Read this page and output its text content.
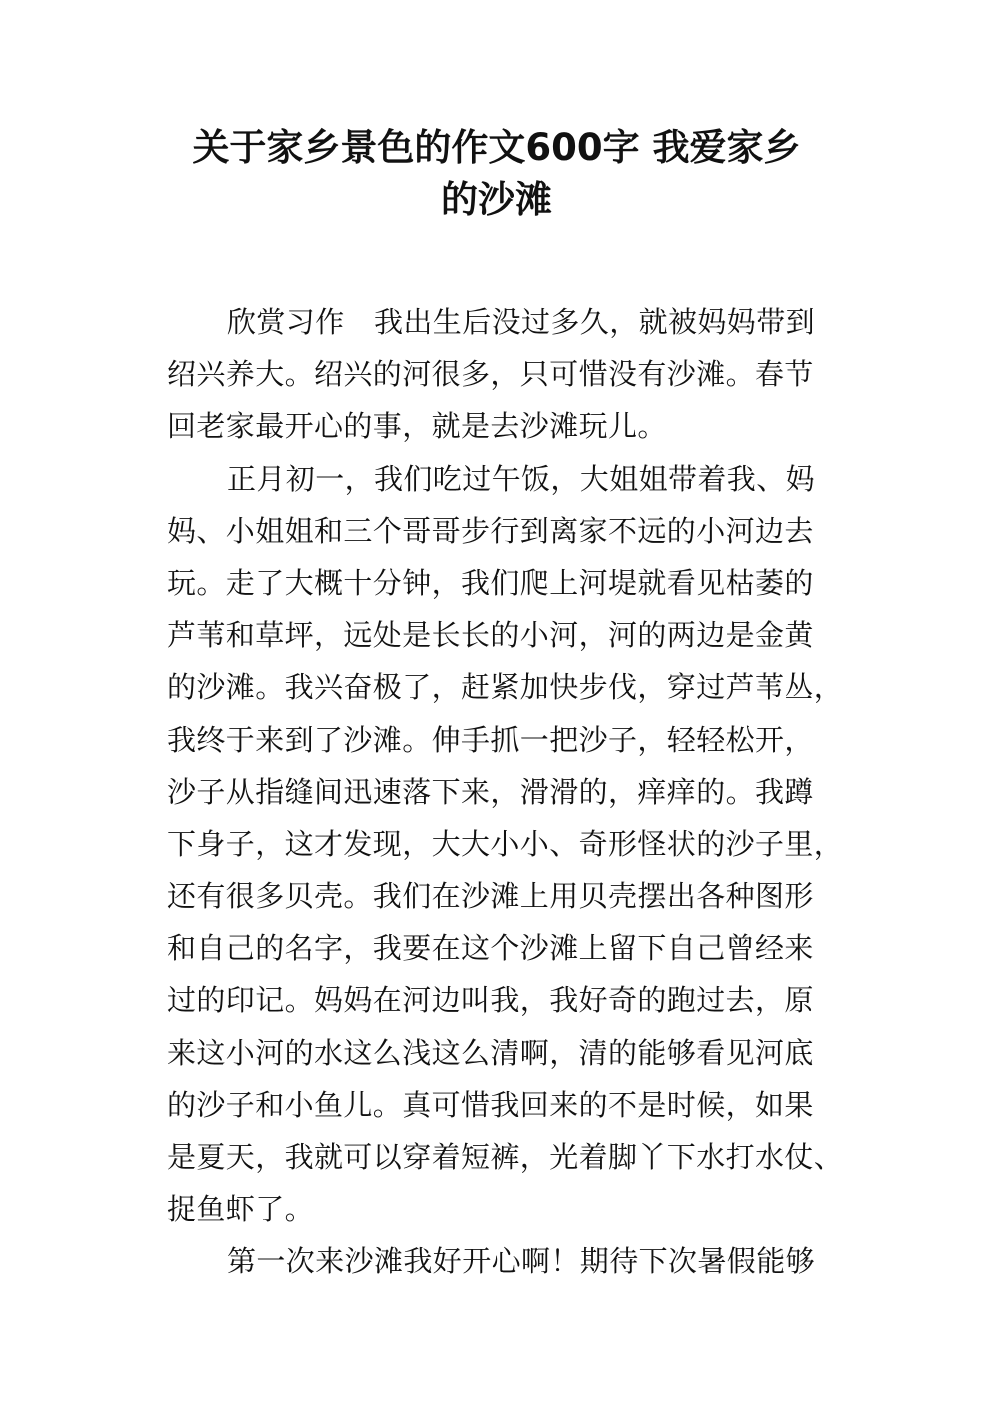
关于家乡景色的作文600字 我爱家乡
的沙滩
欣赏习作　我出生后没过多久，就被妈妈带到
绍兴养大。绍兴的河很多，只可惜没有沙滩。春节
回老家最开心的事，就是去沙滩玩儿。
正月初一，我们吃过午饭，大姐姐带着我、妈
妈、小姐姐和三个哥哥步行到离家不远的小河边去
玩。走了大概十分钟，我们爬上河堤就看见枯萎的
芦苇和草坪，远处是长长的小河，河的两边是金黄
的沙滩。我兴奋极了，赶紧加快步伐，穿过芦苇丛，
我终于来到了沙滩。伸手抓一把沙子，轻轻松开，
沙子从指缝间迅速落下来，滑滑的，痒痒的。我蹲
下身子，这才发现，大大小小、奇形怪状的沙子里，
还有很多贝壳。我们在沙滩上用贝壳摆出各种图形
和自己的名字，我要在这个沙滩上留下自己曾经来
过的印记。妈妈在河边叫我，我好奇的跑过去，原
来这小河的水这么浅这么清啊，清的能够看见河底
的沙子和小鱼儿。真可惜我回来的不是时候，如果
是夏天，我就可以穿着短裤，光着脚丫下水打水仗、
捉鱼虾了。
第一次来沙滩我好开心啊！期待下次暑假能够
